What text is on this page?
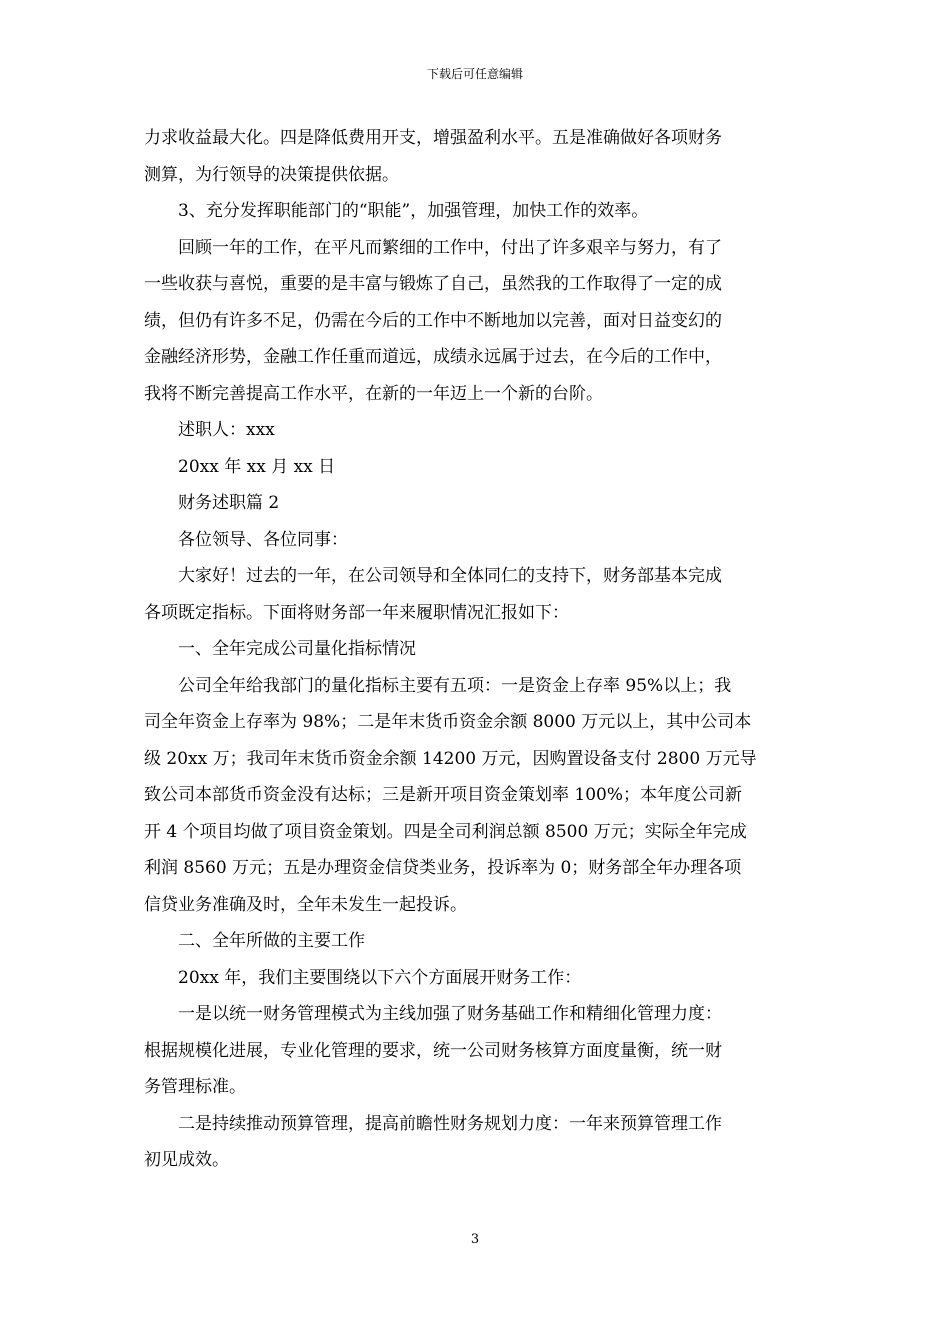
下载后可任意编辑

力求收益最大化。四是降低费用开支，增强盈利水平。五是准确做好各项财务
测算，为行领导的决策提供依据。

3、充分发挥职能部门的“职能”，加强管理，加快工作的效率。

回顾一年的工作，在平凡而繁细的工作中，付出了许多艰辛与努力，有了
一些收获与喜悦，重要的是丰富与锻炼了自己，虽然我的工作取得了一定的成
绩，但仍有许多不足，仍需在今后的工作中不断地加以完善，面对日益变幻的
金融经济形势，金融工作任重而道远，成绩永远属于过去，在今后的工作中，
我将不断完善提高工作水平，在新的一年迈上一个新的台阶。

述职人：xxx

20xx 年 xx 月 xx 日

财务述职篇 2

各位领导、各位同事：

大家好！过去的一年，在公司领导和全体同仁的支持下，财务部基本完成
各项既定指标。下面将财务部一年来履职情况汇报如下：

一、全年完成公司量化指标情况

公司全年给我部门的量化指标主要有五项：一是资金上存率 95%以上；我
司全年资金上存率为 98%；二是年末货币资金余额 8000 万元以上，其中公司本
级 20xx 万；我司年末货币资金余额 14200 万元，因购置设备支付 2800 万元导
致公司本部货币资金没有达标；三是新开项目资金策划率 100%；本年度公司新
开 4 个项目均做了项目资金策划。四是全司利润总额 8500 万元；实际全年完成
利润 8560 万元；五是办理资金信贷类业务，投诉率为 0；财务部全年办理各项
信贷业务准确及时，全年未发生一起投诉。

二、全年所做的主要工作

20xx 年，我们主要围绕以下六个方面展开财务工作：

一是以统一财务管理模式为主线加强了财务基础工作和精细化管理力度：
根据规模化进展，专业化管理的要求，统一公司财务核算方面度量衡，统一财
务管理标准。

二是持续推动预算管理，提高前瞻性财务规划力度：一年来预算管理工作
初见成效。

3
